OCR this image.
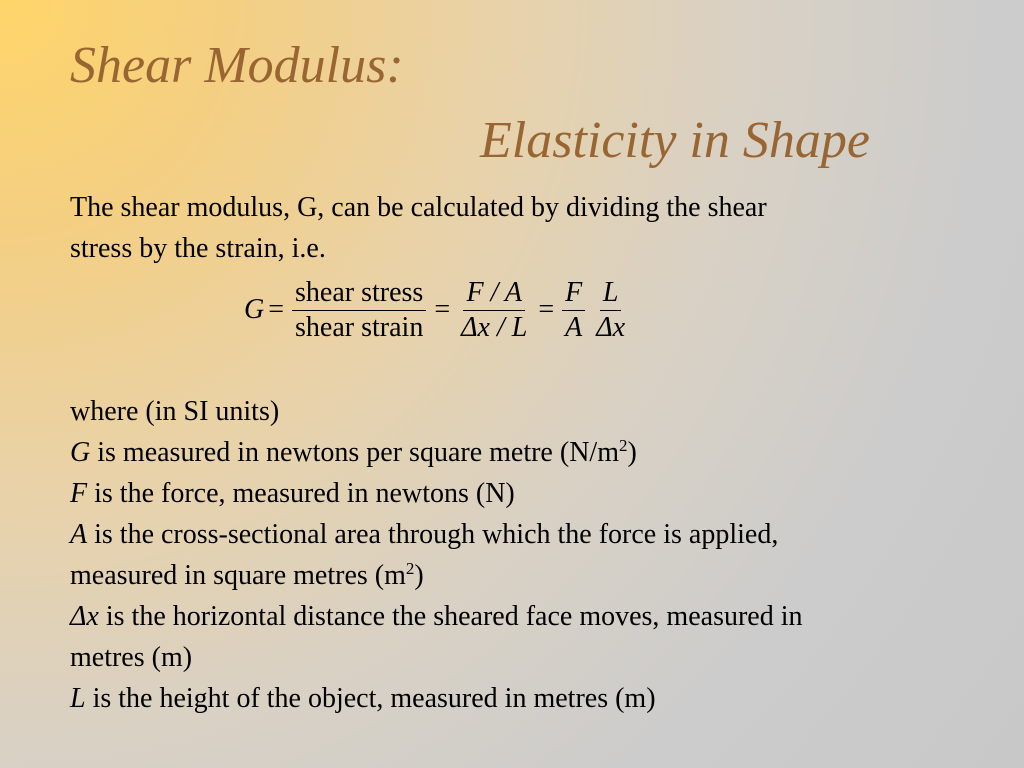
Shear Modulus:
Elasticity in Shape
The shear modulus, G, can be calculated by dividing the shear
stress by the strain, i.e.
$G = \frac{\text{shear stress}}{\text{shear strain}} = \frac{F / A}{\Delta x / L} = \frac{F}{A} \frac{L}{\Delta x}$
where (in SI units)
G is measured in newtons per square metre $(N/m^2)$
F is the force, measured in newtons (N)
A is the cross-sectional area through which the force is applied,
measured in square metres $(m^2)$
Δx is the horizontal distance the sheared face moves, measured in
metres (m)
L is the height of the object, measured in metres (m)
